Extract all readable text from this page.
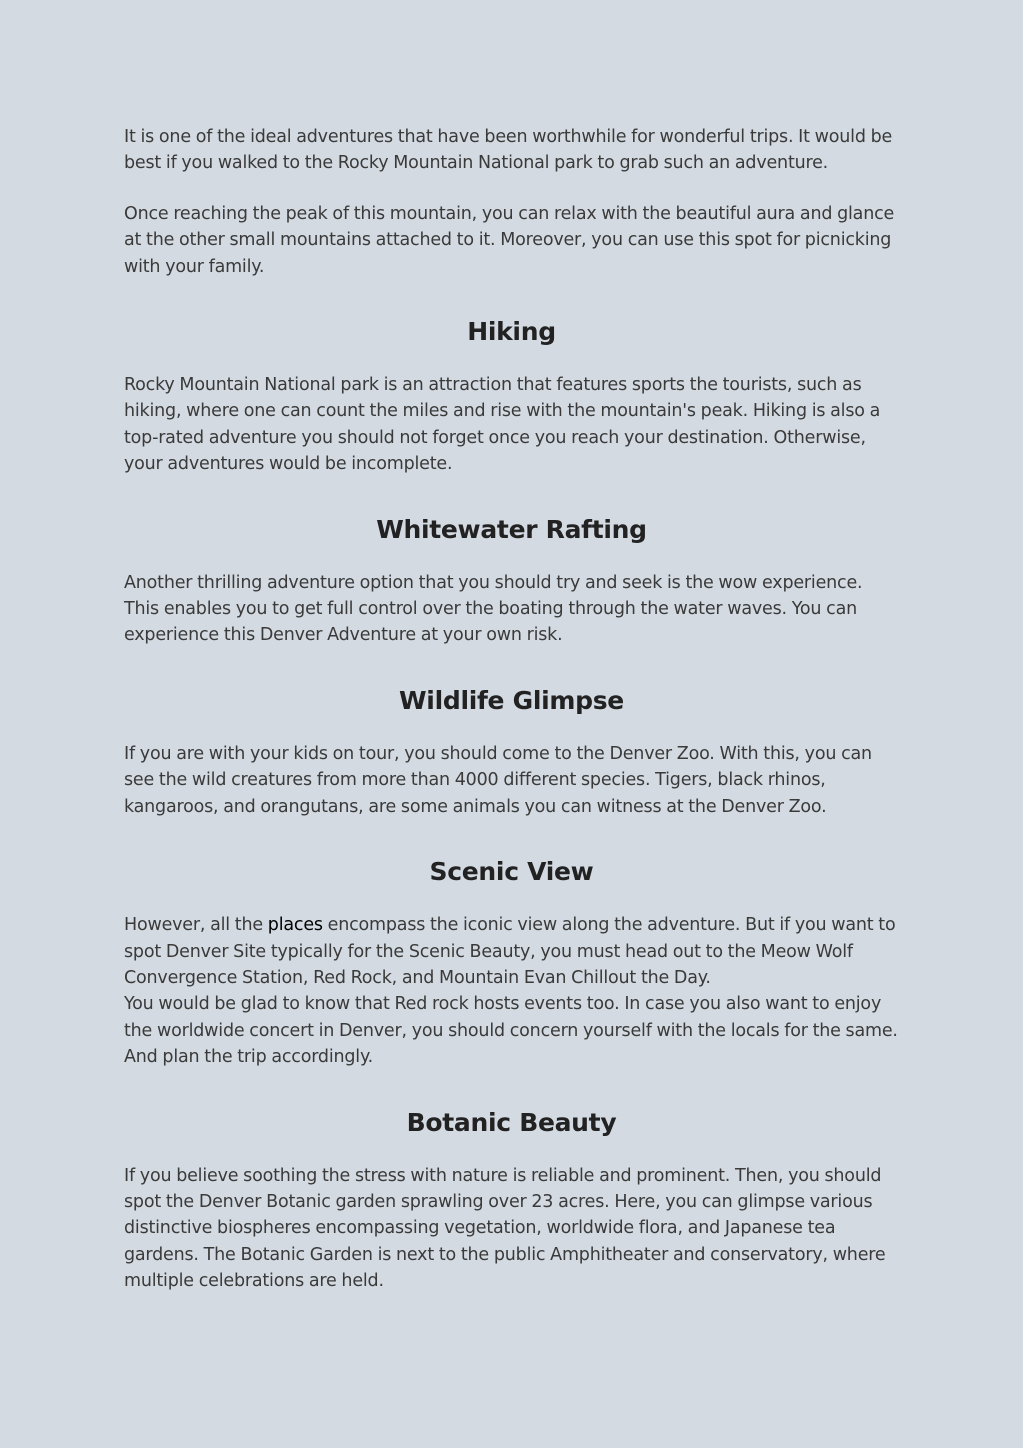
It is one of the ideal adventures that have been worthwhile for wonderful trips. It would be best if you walked to the Rocky Mountain National park to grab such an adventure.

Once reaching the peak of this mountain, you can relax with the beautiful aura and glance at the other small mountains attached to it. Moreover, you can use this spot for picnicking with your family.

Hiking

Rocky Mountain National park is an attraction that features sports the tourists, such as hiking, where one can count the miles and rise with the mountain's peak. Hiking is also a top-rated adventure you should not forget once you reach your destination. Otherwise, your adventures would be incomplete.

Whitewater Rafting

Another thrilling adventure option that you should try and seek is the wow experience. This enables you to get full control over the boating through the water waves. You can experience this Denver Adventure at your own risk.

Wildlife Glimpse

If you are with your kids on tour, you should come to the Denver Zoo. With this, you can see the wild creatures from more than 4000 different species. Tigers, black rhinos, kangaroos, and orangutans, are some animals you can witness at the Denver Zoo.

Scenic View

However, all the places encompass the iconic view along the adventure. But if you want to spot Denver Site typically for the Scenic Beauty, you must head out to the Meow Wolf Convergence Station, Red Rock, and Mountain Evan Chillout the Day.

You would be glad to know that Red rock hosts events too. In case you also want to enjoy the worldwide concert in Denver, you should concern yourself with the locals for the same. And plan the trip accordingly.

Botanic Beauty

If you believe soothing the stress with nature is reliable and prominent. Then, you should spot the Denver Botanic garden sprawling over 23 acres. Here, you can glimpse various distinctive biospheres encompassing vegetation, worldwide flora, and Japanese tea gardens. The Botanic Garden is next to the public Amphitheater and conservatory, where multiple celebrations are held.
